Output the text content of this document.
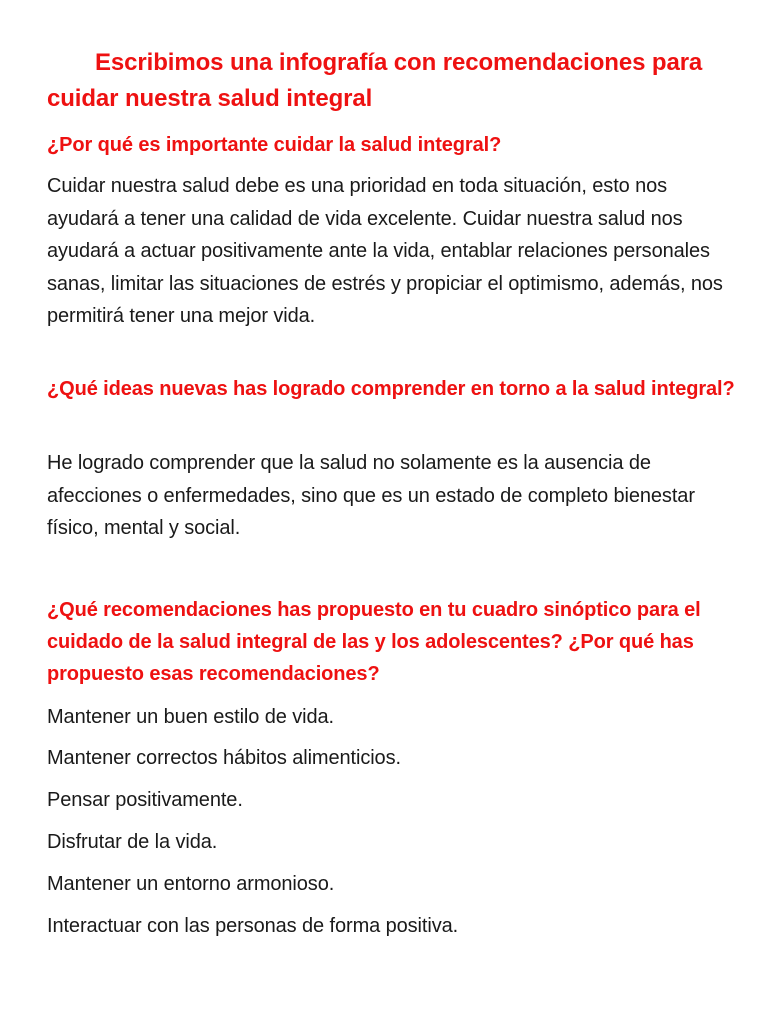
Escribimos una infografía con recomendaciones para cuidar nuestra salud integral
¿Por qué es importante cuidar la salud integral?

Cuidar nuestra salud debe es una prioridad en toda situación, esto nos ayudará a tener una calidad de vida excelente. Cuidar nuestra salud nos ayudará a actuar positivamente ante la vida, entablar relaciones personales sanas, limitar las situaciones de estrés y propiciar el optimismo, además, nos permitirá tener una mejor vida.

¿Qué ideas nuevas has logrado comprender en torno a la salud integral?

He logrado comprender que la salud no solamente es la ausencia de afecciones o enfermedades, sino que es un estado de completo bienestar físico, mental y social.

¿Qué recomendaciones has propuesto en tu cuadro sinóptico para el cuidado de la salud integral de las y los adolescentes? ¿Por qué has propuesto esas recomendaciones?

Mantener un buen estilo de vida.

Mantener correctos hábitos alimenticios.

Pensar positivamente.

Disfrutar de la vida.

Mantener un entorno armonioso.

Interactuar con las personas de forma positiva.
